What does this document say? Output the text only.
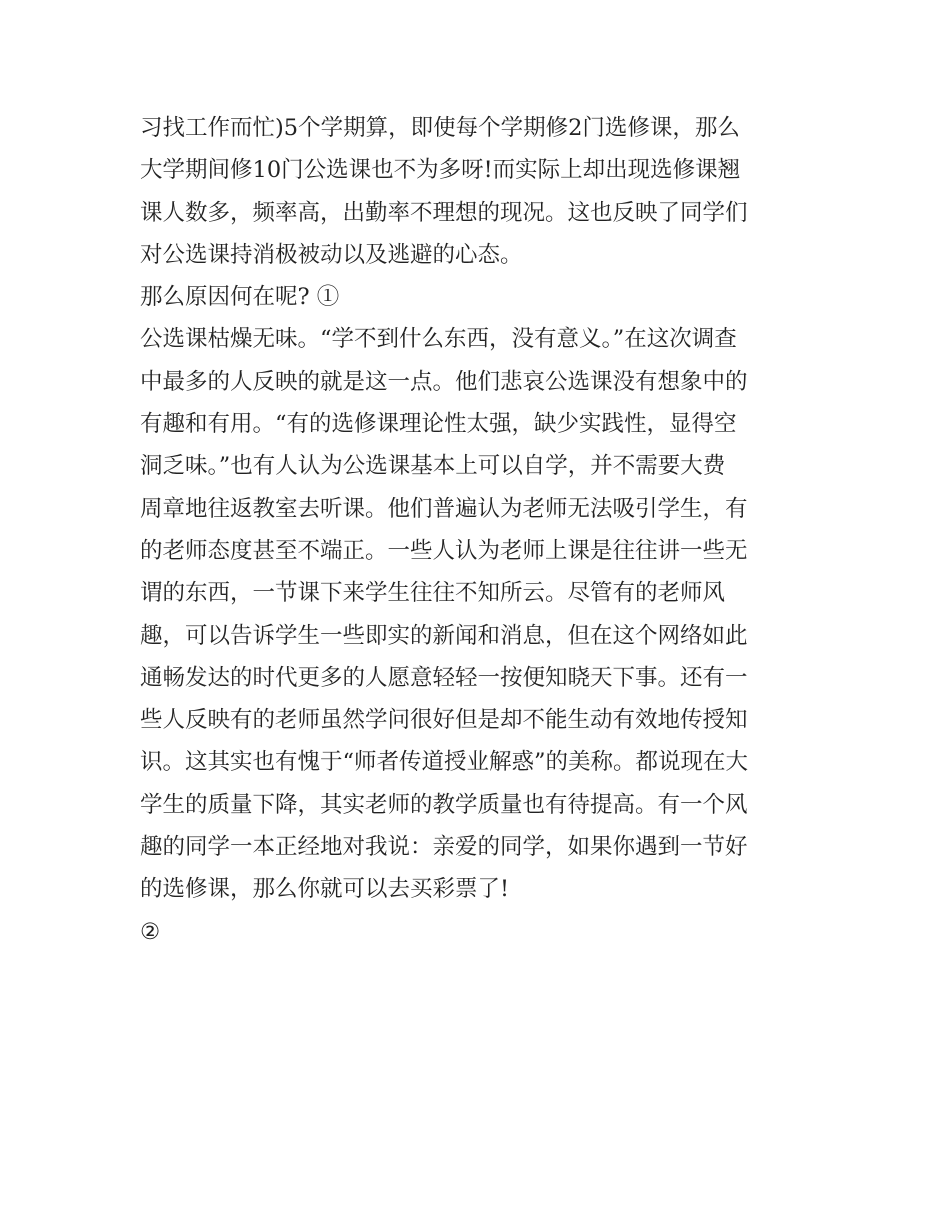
习找工作而忙)5个学期算，即使每个学期修2门选修课，那么
大学期间修10门公选课也不为多呀!而实际上却出现选修课翘
课人数多，频率高，出勤率不理想的现况。这也反映了同学们
对公选课持消极被动以及逃避的心态。
那么原因何在呢? ①
公选课枯燥无味。“学不到什么东西，没有意义。”在这次调查
中最多的人反映的就是这一点。他们悲哀公选课没有想象中的
有趣和有用。“有的选修课理论性太强，缺少实践性，显得空
洞乏味。”也有人认为公选课基本上可以自学，并不需要大费
周章地往返教室去听课。他们普遍认为老师无法吸引学生，有
的老师态度甚至不端正。一些人认为老师上课是往往讲一些无
谓的东西，一节课下来学生往往不知所云。尽管有的老师风
趣，可以告诉学生一些即实的新闻和消息，但在这个网络如此
通畅发达的时代更多的人愿意轻轻一按便知晓天下事。还有一
些人反映有的老师虽然学问很好但是却不能生动有效地传授知
识。这其实也有愧于“师者传道授业解惑”的美称。都说现在大
学生的质量下降，其实老师的教学质量也有待提高。有一个风
趣的同学一本正经地对我说：亲爱的同学，如果你遇到一节好
的选修课，那么你就可以去买彩票了!
②
